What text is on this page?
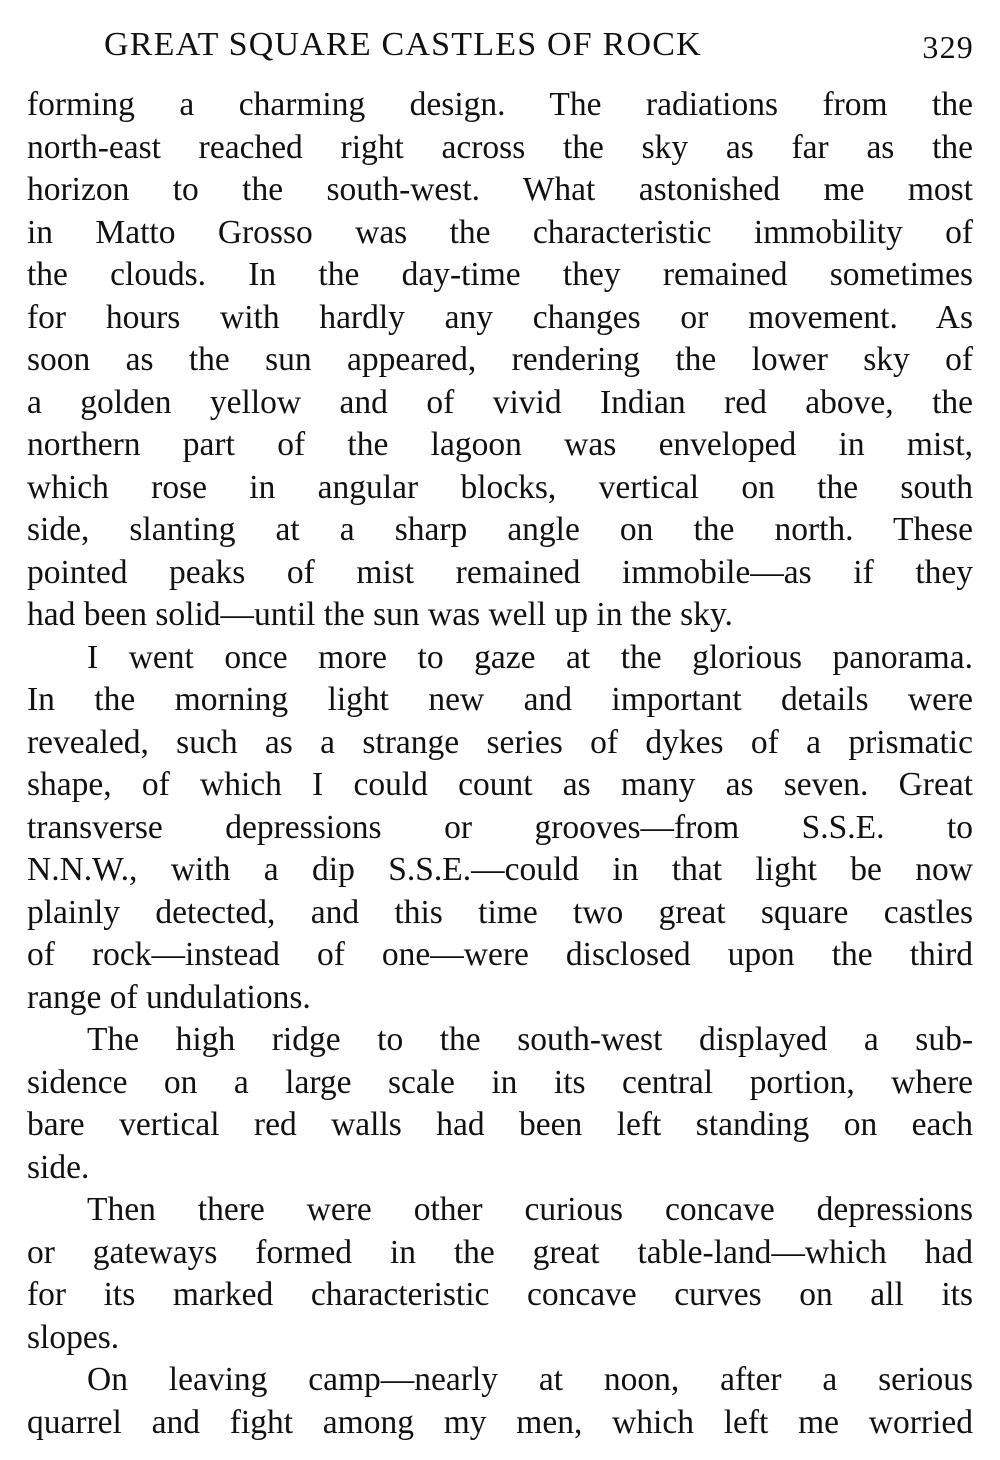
GREAT SQUARE CASTLES OF ROCK	329
forming a charming design. The radiations from the
north-east reached right across the sky as far as the
horizon to the south-west. What astonished me most
in Matto Grosso was the characteristic immobility of
the clouds. In the day-time they remained sometimes
for hours with hardly any changes or movement. As
soon as the sun appeared, rendering the lower sky of
a golden yellow and of vivid Indian red above, the
northern part of the lagoon was enveloped in mist,
which rose in angular blocks, vertical on the south
side, slanting at a sharp angle on the north. These
pointed peaks of mist remained immobile—as if they
had been solid—until the sun was well up in the sky.
I went once more to gaze at the glorious panorama.
In the morning light new and important details were
revealed, such as a strange series of dykes of a prismatic
shape, of which I could count as many as seven. Great
transverse depressions or grooves—from S.S.E. to
N.N.W., with a dip S.S.E.—could in that light be now
plainly detected, and this time two great square castles
of rock—instead of one—were disclosed upon the third
range of undulations.
The high ridge to the south-west displayed a sub-
sidence on a large scale in its central portion, where
bare vertical red walls had been left standing on each
side.
Then there were other curious concave depressions
or gateways formed in the great table-land—which had
for its marked characteristic concave curves on all its
slopes.
On leaving camp—nearly at noon, after a serious
quarrel and fight among my men, which left me worried
